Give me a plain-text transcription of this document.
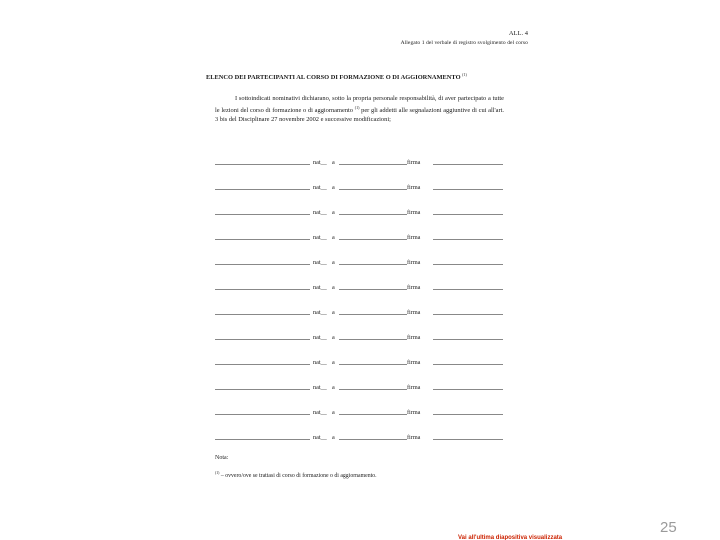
ALL. 4
Allegato 1 del verbale di registro svolgimento del corso
ELENCO DEI PARTECIPANTI AL CORSO DI FORMAZIONE O DI AGGIORNAMENTO $^{(1)}$
I sottoindicati nominativi dichiarano, sotto la propria personale responsabilità, di aver partecipato a tutte le lezioni del corso di formazione o di aggiornamento $^{(1)}$ per gli addetti alle segnalazioni aggiuntive di cui all'art. 3 bis del Disciplinare 27 novembre 2002 e successive modificazioni;
nat__ a	firma
nat__ a	firma
nat__ a	firma
nat__ a	firma
nat__ a	firma
nat__ a	firma
nat__ a	firma
nat__ a	firma
nat__ a	firma
nat__ a	firma
nat__ a	firma
nat__ a	firma
Nota:
$^{(1)}$ – ovvero/ove se trattasi di corso di formazione o di aggiornamento.
Vai all'ultima diapositiva visualizzata
25
